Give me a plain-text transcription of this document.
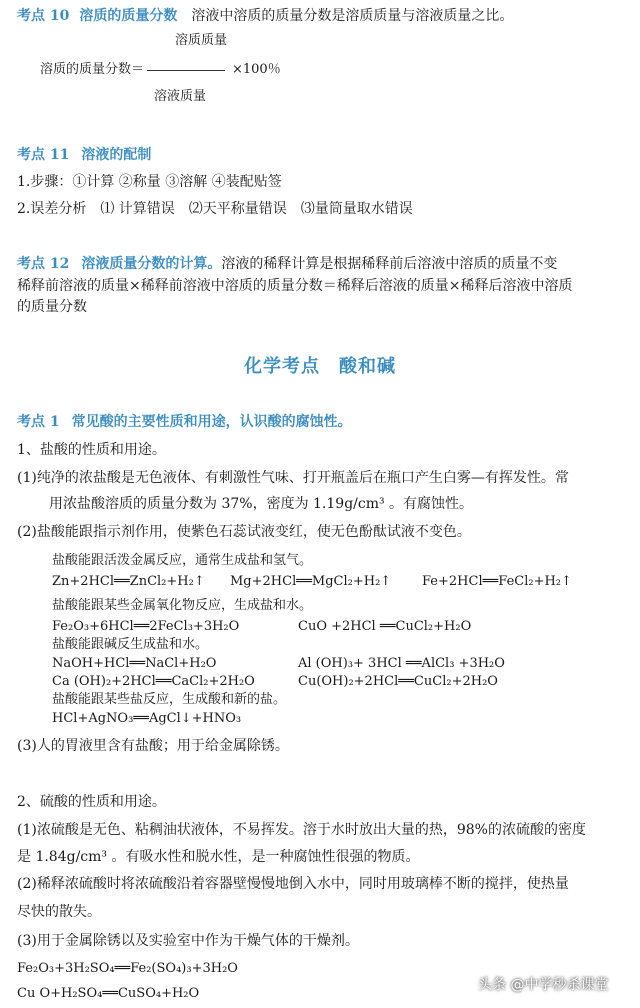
考点 10 溶质的质量分数 溶液中溶质的质量分数是溶质质量与溶液质量之比。
溶质质量
溶质的质量分数＝	×100％
溶液质量
考点 11 溶液的配制
1.步骤：①计算 ②称量 ③溶解 ④装配贴签
2.误差分析　⑴ 计算错误　⑵天平称量错误　⑶量筒量取水错误
考点 12 溶液质量分数的计算。溶液的稀释计算是根据稀释前后溶液中溶质的质量不变
稀释前溶液的质量×稀释前溶液中溶质的质量分数＝稀释后溶液的质量×稀释后溶液中溶质
的质量分数
化学考点　酸和碱
考点 1 常见酸的主要性质和用途，认识酸的腐蚀性。
1、盐酸的性质和用途。
(1)纯净的浓盐酸是无色液体、有刺激性气味、打开瓶盖后在瓶口产生白雾—有挥发性。常
用浓盐酸溶质的质量分数为 37%，密度为 1.19g/cm³ 。有腐蚀性。
(2)盐酸能跟指示剂作用，使紫色石蕊试液变红，使无色酚酞试液不变色。
盐酸能跟活泼金属反应，通常生成盐和氢气。
Zn+2HCl══ZnCl₂+H₂↑ Mg+2HCl══MgCl₂+H₂↑ Fe+2HCl══FeCl₂+H₂↑
盐酸能跟某些金属氧化物反应，生成盐和水。
Fe₂O₃+6HCl══2FeCl₃+3H₂O	CuO +2HCl ══CuCl₂+H₂O
盐酸能跟碱反生成盐和水。
NaOH+HCl══NaCl+H₂O	Al (OH)₃+ 3HCl ══AlCl₃ +3H₂O
Ca (OH)₂+2HCl══CaCl₂+2H₂O	Cu(OH)₂+2HCl══CuCl₂+2H₂O
盐酸能跟某些盐反应，生成酸和新的盐。
HCl+AgNO₃══AgCl↓+HNO₃
(3)人的胃液里含有盐酸；用于给金属除锈。
2、硫酸的性质和用途。
(1)浓硫酸是无色、粘稠油状液体，不易挥发。溶于水时放出大量的热，98%的浓硫酸的密度
是 1.84g/cm³ 。有吸水性和脱水性，是一种腐蚀性很强的物质。
(2)稀释浓硫酸时将浓硫酸沿着容器壁慢慢地倒入水中，同时用玻璃棒不断的搅拌，使热量
尽快的散失。
(3)用于金属除锈以及实验室中作为干燥气体的干燥剂。
Fe₂O₃+3H₂SO₄══Fe₂(SO₄)₃+3H₂O
Cu O+H₂SO₄══CuSO₄+H₂O
头条 @中学秒杀课堂
